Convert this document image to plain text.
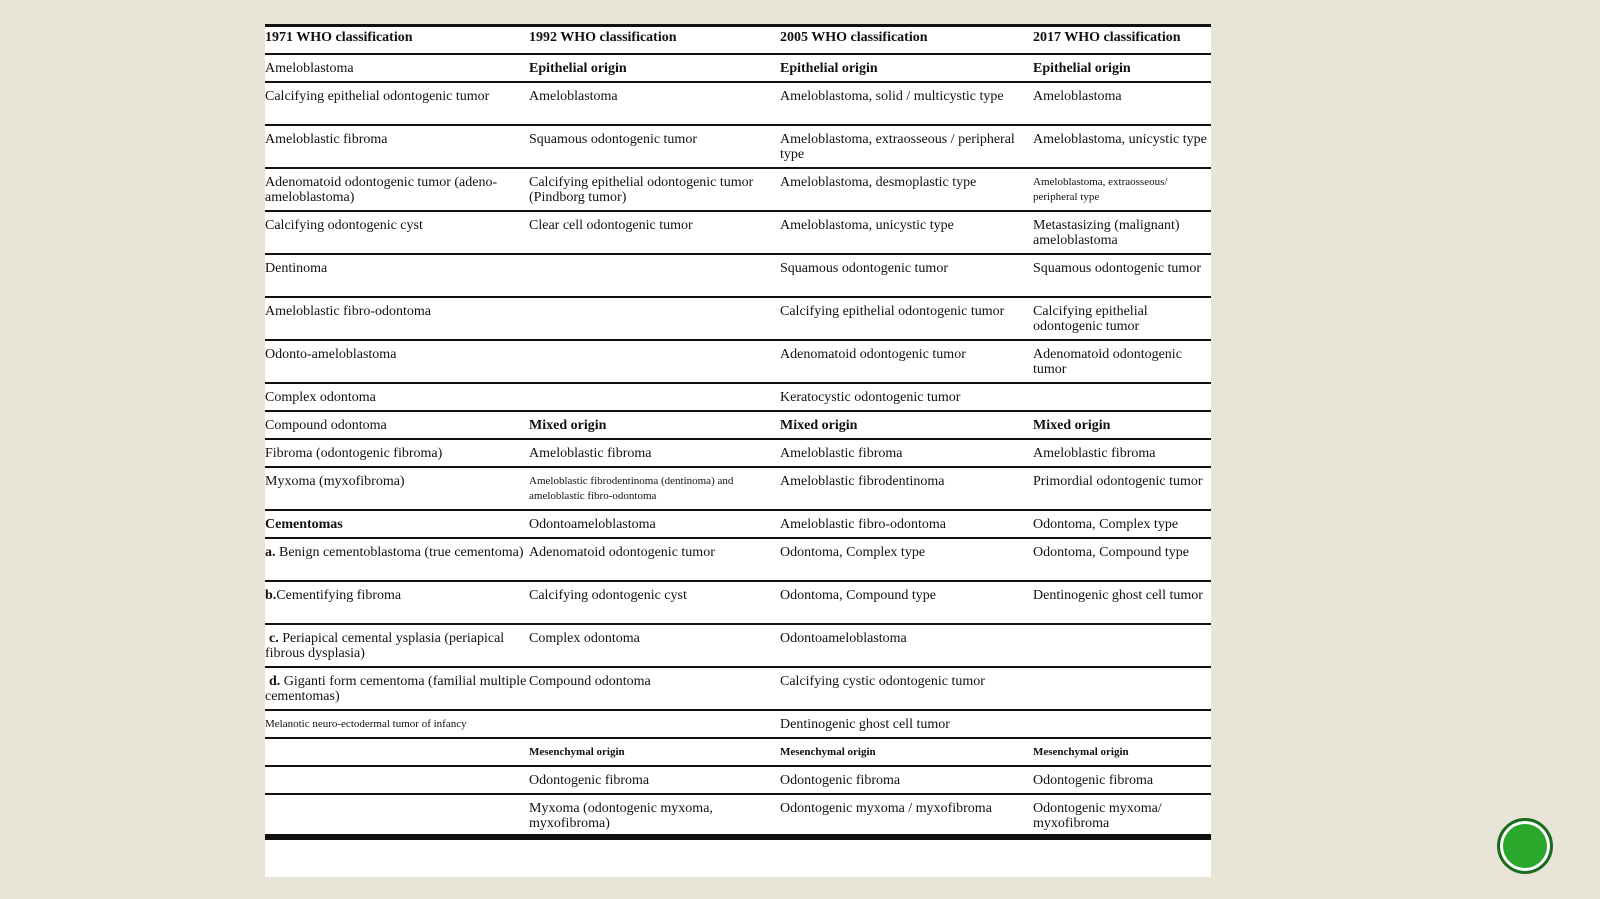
1971 WHO classification	1992 WHO classification	2005 WHO classification	2017 WHO classification
Ameloblastoma	Epithelial origin	Epithelial origin	Epithelial origin
Calcifying epithelial odontogenic tumor	Ameloblastoma	Ameloblastoma, solid / multicystic type	Ameloblastoma
Ameloblastic fibroma	Squamous odontogenic tumor	Ameloblastoma, extraosseous / peripheral type	Ameloblastoma, unicystic type
Adenomatoid odontogenic tumor (adeno-ameloblastoma)	Calcifying epithelial odontogenic tumor (Pindborg tumor)	Ameloblastoma, desmoplastic type	Ameloblastoma, extraosseous/ peripheral type
Calcifying odontogenic cyst	Clear cell odontogenic tumor	Ameloblastoma, unicystic type	Metastasizing (malignant) ameloblastoma
Dentinoma		Squamous odontogenic tumor	Squamous odontogenic tumor
Ameloblastic fibro-odontoma		Calcifying epithelial odontogenic tumor	Calcifying epithelial odontogenic tumor
Odonto-ameloblastoma		Adenomatoid odontogenic tumor	Adenomatoid odontogenic tumor
Complex odontoma		Keratocystic odontogenic tumor	
Compound odontoma	Mixed origin	Mixed origin	Mixed origin
Fibroma (odontogenic fibroma)	Ameloblastic fibroma	Ameloblastic fibroma	Ameloblastic fibroma
Myxoma (myxofibroma)	Ameloblastic fibrodentinoma (dentinoma) and ameloblastic fibro-odontoma	Ameloblastic fibrodentinoma	Primordial odontogenic tumor
Cementomas	Odontoameloblastoma	Ameloblastic fibro-odontoma	Odontoma, Complex type
a. Benign cementoblastoma (true cementoma)	Adenomatoid odontogenic tumor	Odontoma, Complex type	Odontoma, Compound type
b.Cementifying fibroma	Calcifying odontogenic cyst	Odontoma, Compound type	Dentinogenic ghost cell tumor
c. Periapical cemental ysplasia (periapical fibrous dysplasia)	Complex odontoma	Odontoameloblastoma	
d. Giganti form cementoma (familial multiple cementomas)	Compound odontoma	Calcifying cystic odontogenic tumor	
Melanotic neuro-ectodermal tumor of infancy		Dentinogenic ghost cell tumor	
	Mesenchymal origin	Mesenchymal origin	Mesenchymal origin
	Odontogenic fibroma	Odontogenic fibroma	Odontogenic fibroma
	Myxoma (odontogenic myxoma, myxofibroma)	Odontogenic myxoma / myxofibroma	Odontogenic myxoma/ myxofibroma
